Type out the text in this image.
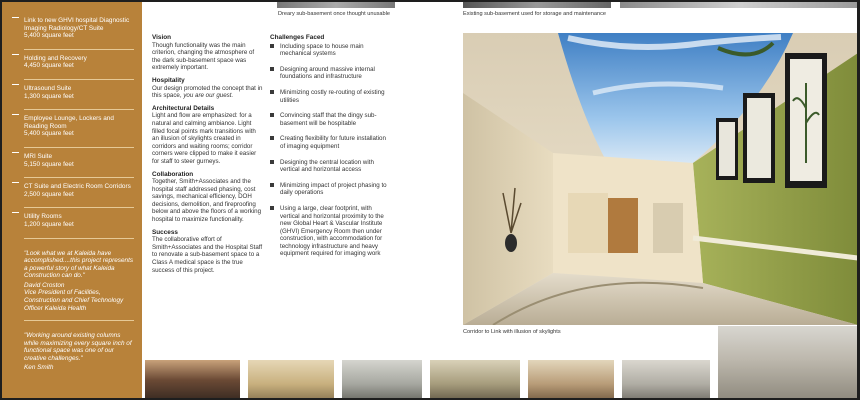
Link to new GHVI hospital Diagnostic Imaging Radiology/CT Suite
5,400 square feet
Holding and Recovery
4,450 square feet
Ultrasound Suite
1,300 square feet
Employee Lounge, Lockers and Reading Room
5,400 square feet
MRI Suite
5,150 square feet
CT Suite and Electric Room Corridors
2,500 square feet
Utility Rooms
1,200 square feet
"Look what we at Kaleida have accomplished....this project represents a powerful story of what Kaleida Construction can do."
David Croston
Vice President of Facilities, Construction and Chief Technology Officer Kaleida Health
"Working around existing columns while maximizing every square inch of functional space was one of our creative challenges."
Ken Smith
Dreary sub-basement once thought unusable	Existing sub-basement used for storage and maintenance
Vision

Though functionality was the main criterion, changing the atmosphere of the dark sub-basement space was extremely important.

Hospitality

Our design promoted the concept that in this space, you are our guest.

Architectural Details

Light and flow are emphasized: for a natural and calming ambiance. Light filled focal points mark transitions with an illusion of skylights created in corridors and waiting rooms; corridor corners were clipped to make it easier for staff to steer gurneys.

Collaboration

Together, Smith+Associates and the hospital staff addressed phasing, cost savings, mechanical efficiency, DOH decisions, demolition, and fireproofing below and above the floors of a working hospital to maximize functionality.

Success

The collaborative effort of Smith+Associates and the Hospital Staff to renovate a sub-basement space to a Class A medical space is the true success of this project.

Challenges Faced
Including space to house main mechanical systems
Designing around massive internal foundations and infrastructure
Minimizing costly re-routing of existing utilities
Convincing staff that the dingy sub-basement will be hospitable
Creating flexibility for future installation of imaging equipment
Designing the central location with vertical and horizontal access
Minimizing impact of project phasing to daily operations
Using a large, clear footprint, with vertical and horizontal proximity to the new Global Heart & Vascular Institute (GHVI) Emergency Room then under construction, with accommodation for technology infrastructure and heavy equipment required for imaging work
Corridor to Link with illusion of skylights
